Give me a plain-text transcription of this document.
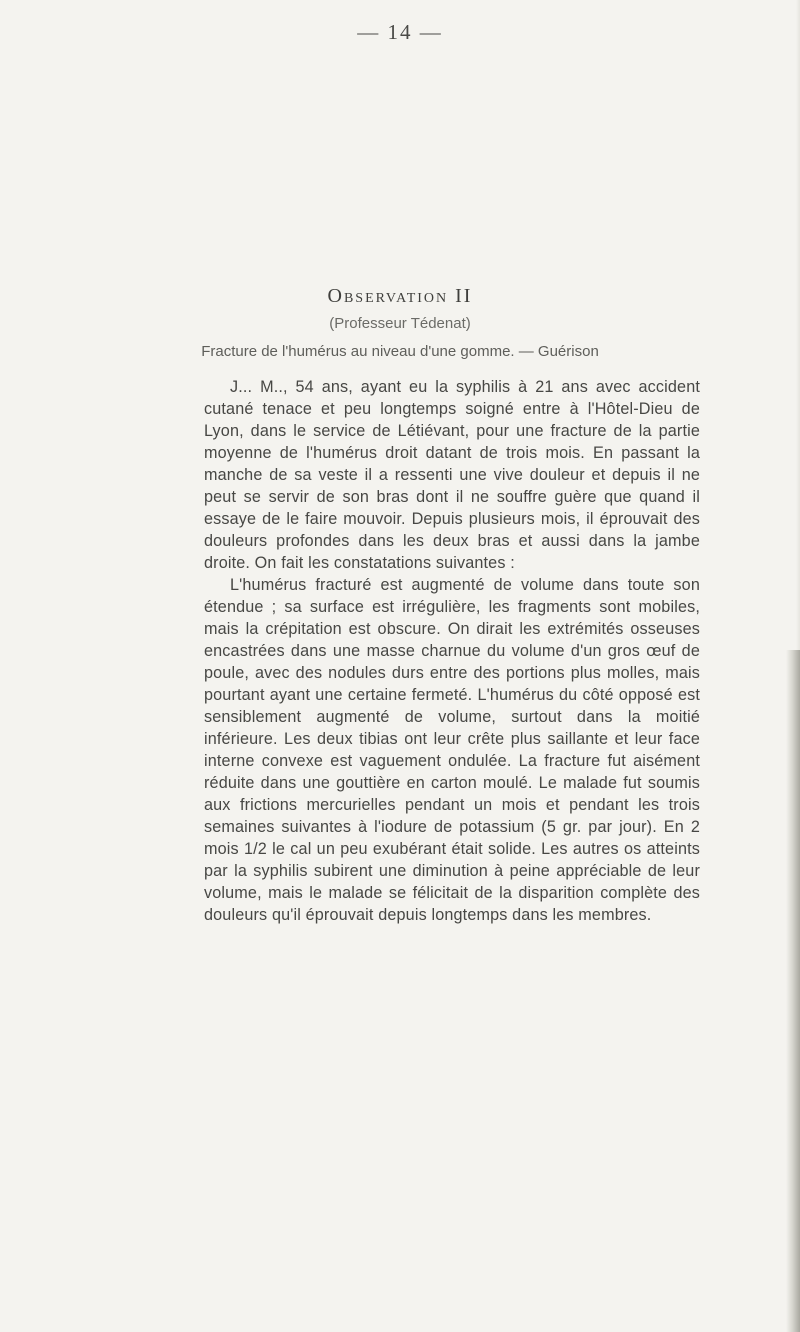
— 14 —
Observation II
(Professeur Tédenat)
Fracture de l'humérus au niveau d'une gomme. — Guérison

J... M.., 54 ans, ayant eu la syphilis à 21 ans avec accident cutané tenace et peu longtemps soigné entre à l'Hôtel-Dieu de Lyon, dans le service de Létiévant, pour une fracture de la partie moyenne de l'humérus droit datant de trois mois. En passant la manche de sa veste il a ressenti une vive douleur et depuis il ne peut se servir de son bras dont il ne souffre guère que quand il essaye de le faire mouvoir. Depuis plusieurs mois, il éprouvait des douleurs profondes dans les deux bras et aussi dans la jambe droite. On fait les constatations suivantes :

L'humérus fracturé est augmenté de volume dans toute son étendue ; sa surface est irrégulière, les fragments sont mobiles, mais la crépitation est obscure. On dirait les extrémités osseuses encastrées dans une masse charnue du volume d'un gros œuf de poule, avec des nodules durs entre des portions plus molles, mais pourtant ayant une certaine fermeté. L'humérus du côté opposé est sensiblement augmenté de volume, surtout dans la moitié inférieure. Les deux tibias ont leur crête plus saillante et leur face interne convexe est vaguement ondulée. La fracture fut aisément réduite dans une gouttière en carton moulé. Le malade fut soumis aux frictions mercurielles pendant un mois et pendant les trois semaines suivantes à l'iodure de potassium (5 gr. par jour). En 2 mois 1/2 le cal un peu exubérant était solide. Les autres os atteints par la syphilis subirent une diminution à peine appréciable de leur volume, mais le malade se félicitait de la disparition complète des douleurs qu'il éprouvait depuis longtemps dans les membres.
